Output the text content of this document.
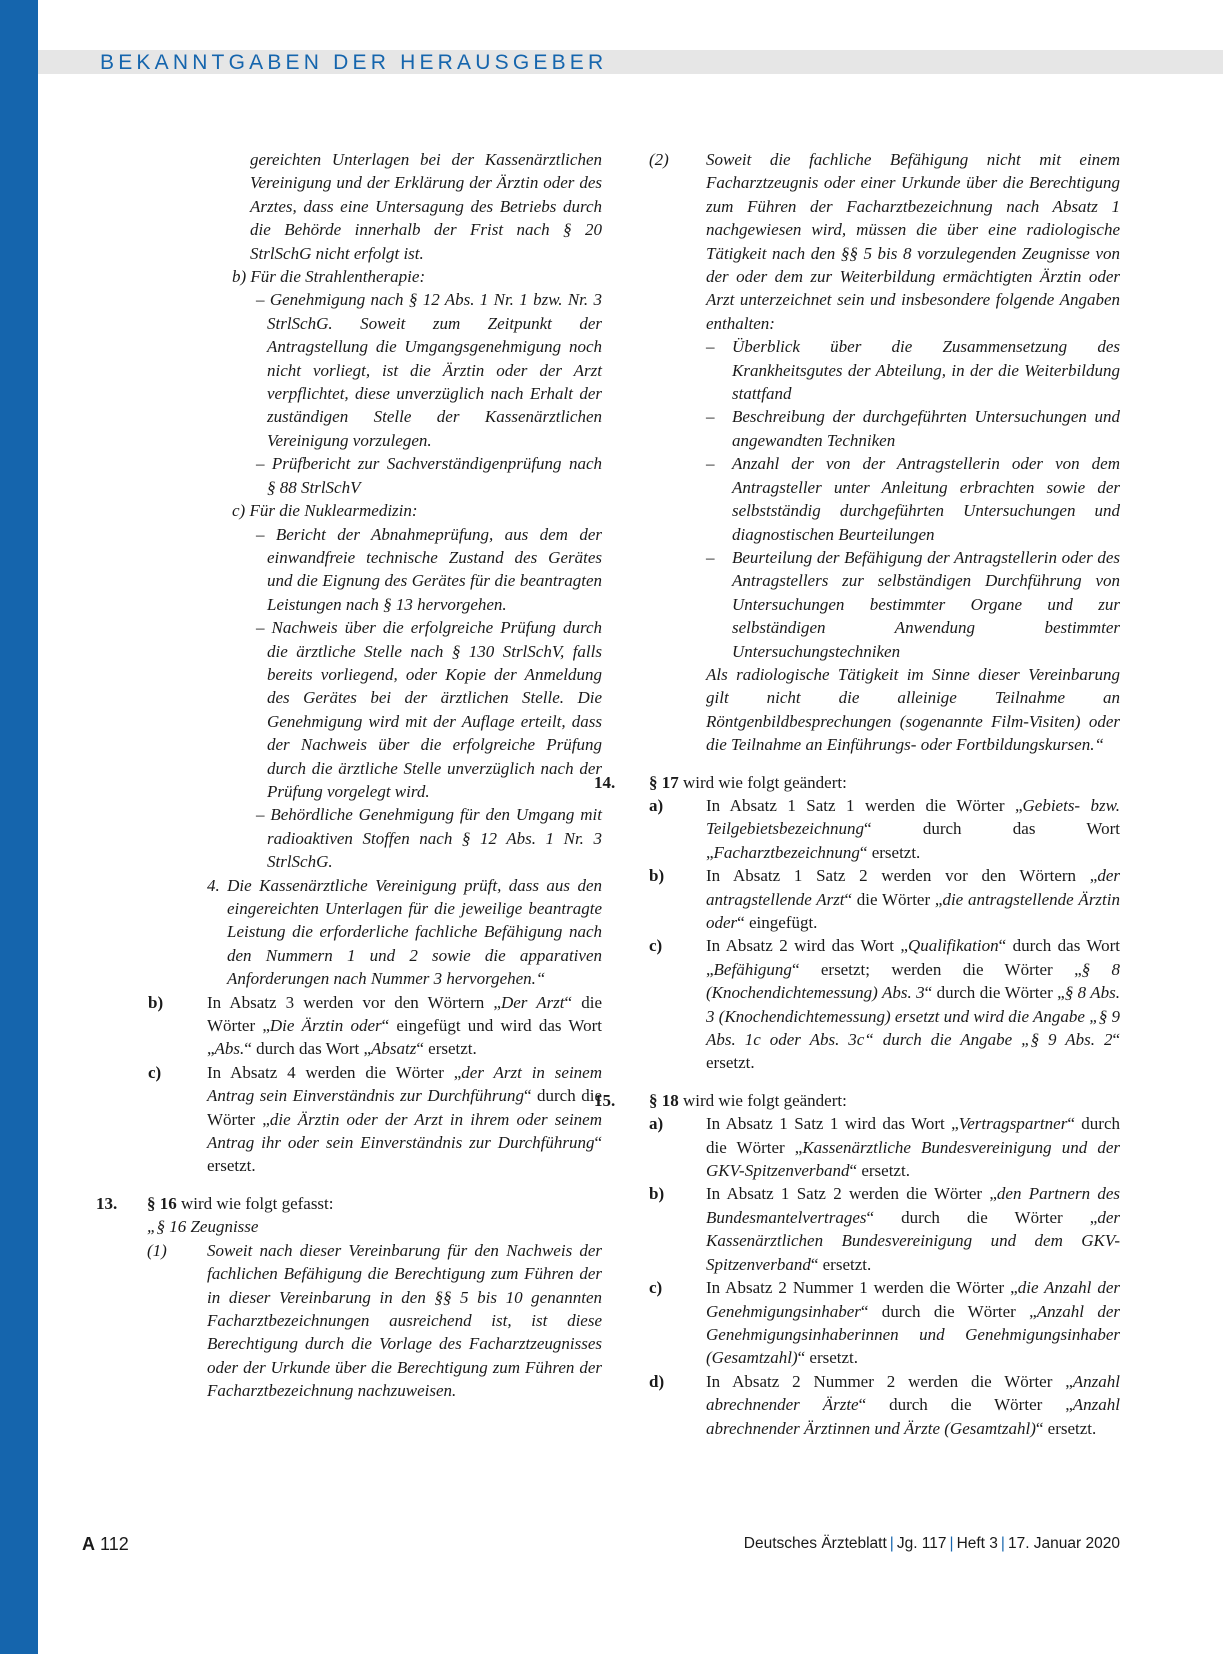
BEKANNTGABEN DER HERAUSGEBER
gereichten Unterlagen bei der Kassenärztlichen Vereinigung und der Erklärung der Ärztin oder des Arztes, dass eine Untersagung des Betriebs durch die Behörde innerhalb der Frist nach § 20 StrlSchG nicht erfolgt ist.
b) Für die Strahlentherapie:
– Genehmigung nach § 12 Abs. 1 Nr. 1 bzw. Nr. 3 StrlSchG. Soweit zum Zeitpunkt der Antragstellung die Umgangsgenehmigung noch nicht vorliegt, ist die Ärztin oder der Arzt verpflichtet, diese unverzüglich nach Erhalt der zuständigen Stelle der Kassenärztlichen Vereinigung vorzulegen.
– Prüfbericht zur Sachverständigenprüfung nach § 88 StrlSchV
c) Für die Nuklearmedizin:
– Bericht der Abnahmeprüfung, aus dem der einwandfreie technische Zustand des Gerätes und die Eignung des Gerätes für die beantragten Leistungen nach § 13 hervorgehen.
– Nachweis über die erfolgreiche Prüfung durch die ärztliche Stelle nach § 130 StrlSchV, falls bereits vorliegend, oder Kopie der Anmeldung des Gerätes bei der ärztlichen Stelle. Die Genehmigung wird mit der Auflage erteilt, dass der Nachweis über die erfolgreiche Prüfung durch die ärztliche Stelle unverzüglich nach der Prüfung vorgelegt wird.
– Behördliche Genehmigung für den Umgang mit radioaktiven Stoffen nach § 12 Abs. 1 Nr. 3 StrlSchG.
4. Die Kassenärztliche Vereinigung prüft, dass aus den eingereichten Unterlagen für die jeweilige beantragte Leistung die erforderliche fachliche Befähigung nach den Nummern 1 und 2 sowie die apparativen Anforderungen nach Nummer 3 hervorgehen.“
b)	In Absatz 3 werden vor den Wörtern „Der Arzt“ die Wörter „Die Ärztin oder“ eingefügt und wird das Wort „Abs.“ durch das Wort „Absatz“ ersetzt.
c)	In Absatz 4 werden die Wörter „der Arzt in seinem Antrag sein Einverständnis zur Durchführung“ durch die Wörter „die Ärztin oder der Arzt in ihrem oder seinem Antrag ihr oder sein Einverständnis zur Durchführung“ ersetzt.
13. § 16 wird wie folgt gefasst:
„§ 16 Zeugnisse
(1) Soweit nach dieser Vereinbarung für den Nachweis der fachlichen Befähigung die Berechtigung zum Führen der in dieser Vereinbarung in den §§ 5 bis 10 genannten Facharztbezeichnungen ausreichend ist, ist diese Berechtigung durch die Vorlage des Facharztzeugnisses oder der Urkunde über die Berechtigung zum Führen der Facharztbezeichnung nachzuweisen.
(2) Soweit die fachliche Befähigung nicht mit einem Facharztzeugnis oder einer Urkunde über die Berechtigung zum Führen der Facharztbezeichnung nach Absatz 1 nachgewiesen wird, müssen die über eine radiologische Tätigkeit nach den §§ 5 bis 8 vorzulegenden Zeugnisse von der oder dem zur Weiterbildung ermächtigten Ärztin oder Arzt unterzeichnet sein und insbesondere folgende Angaben enthalten:
– Überblick über die Zusammensetzung des Krankheitsgutes der Abteilung, in der die Weiterbildung stattfand
– Beschreibung der durchgeführten Untersuchungen und angewandten Techniken
– Anzahl der von der Antragstellerin oder von dem Antragsteller unter Anleitung erbrachten sowie der selbstständig durchgeführten Untersuchungen und diagnostischen Beurteilungen
– Beurteilung der Befähigung der Antragstellerin oder des Antragstellers zur selbständigen Durchführung von Untersuchungen bestimmter Organe und zur selbständigen Anwendung bestimmter Untersuchungstechniken
Als radiologische Tätigkeit im Sinne dieser Vereinbarung gilt nicht die alleinige Teilnahme an Röntgenbildbesprechungen (sogenannte Film-Visiten) oder die Teilnahme an Einführungs- oder Fortbildungskursen.“
14. § 17 wird wie folgt geändert:
a)	In Absatz 1 Satz 1 werden die Wörter „Gebiets- bzw. Teilgebietsbezeichnung“ durch das Wort „Facharztbezeichnung“ ersetzt.
b) In Absatz 1 Satz 2 werden vor den Wörtern „der antragstellende Arzt“ die Wörter „die antragstellende Ärztin oder“ eingefügt.
c)	In Absatz 2 wird das Wort „Qualifikation“ durch das Wort „Befähigung“ ersetzt; werden die Wörter „§ 8 (Knochendichtemessung) Abs. 3“ durch die Wörter „§ 8 Abs. 3 (Knochendichtemessung) ersetzt und wird die Angabe „§ 9 Abs. 1c oder Abs. 3c“ durch die Angabe „§ 9 Abs. 2“ ersetzt.
15. § 18 wird wie folgt geändert:
a)	In Absatz 1 Satz 1 wird das Wort „Vertragspartner“ durch die Wörter „Kassenärztliche Bundesvereinigung und der GKV-Spitzenverband“ ersetzt.
b) In Absatz 1 Satz 2 werden die Wörter „den Partnern des Bundesmantelvertrages“ durch die Wörter „der Kassenärztlichen Bundesvereinigung und dem GKV-Spitzenverband“ ersetzt.
c)	In Absatz 2 Nummer 1 werden die Wörter „die Anzahl der Genehmigungsinhaber“ durch die Wörter „Anzahl der Genehmigungsinhaberinnen und Genehmigungsinhaber (Gesamtzahl)“ ersetzt.
d) In Absatz 2 Nummer 2 werden die Wörter „Anzahl abrechnender Ärzte“ durch die Wörter „Anzahl abrechnender Ärztinnen und Ärzte (Gesamtzahl)“ ersetzt.
A 112	Deutsches Ärzteblatt | Jg. 117 | Heft 3 | 17. Januar 2020
